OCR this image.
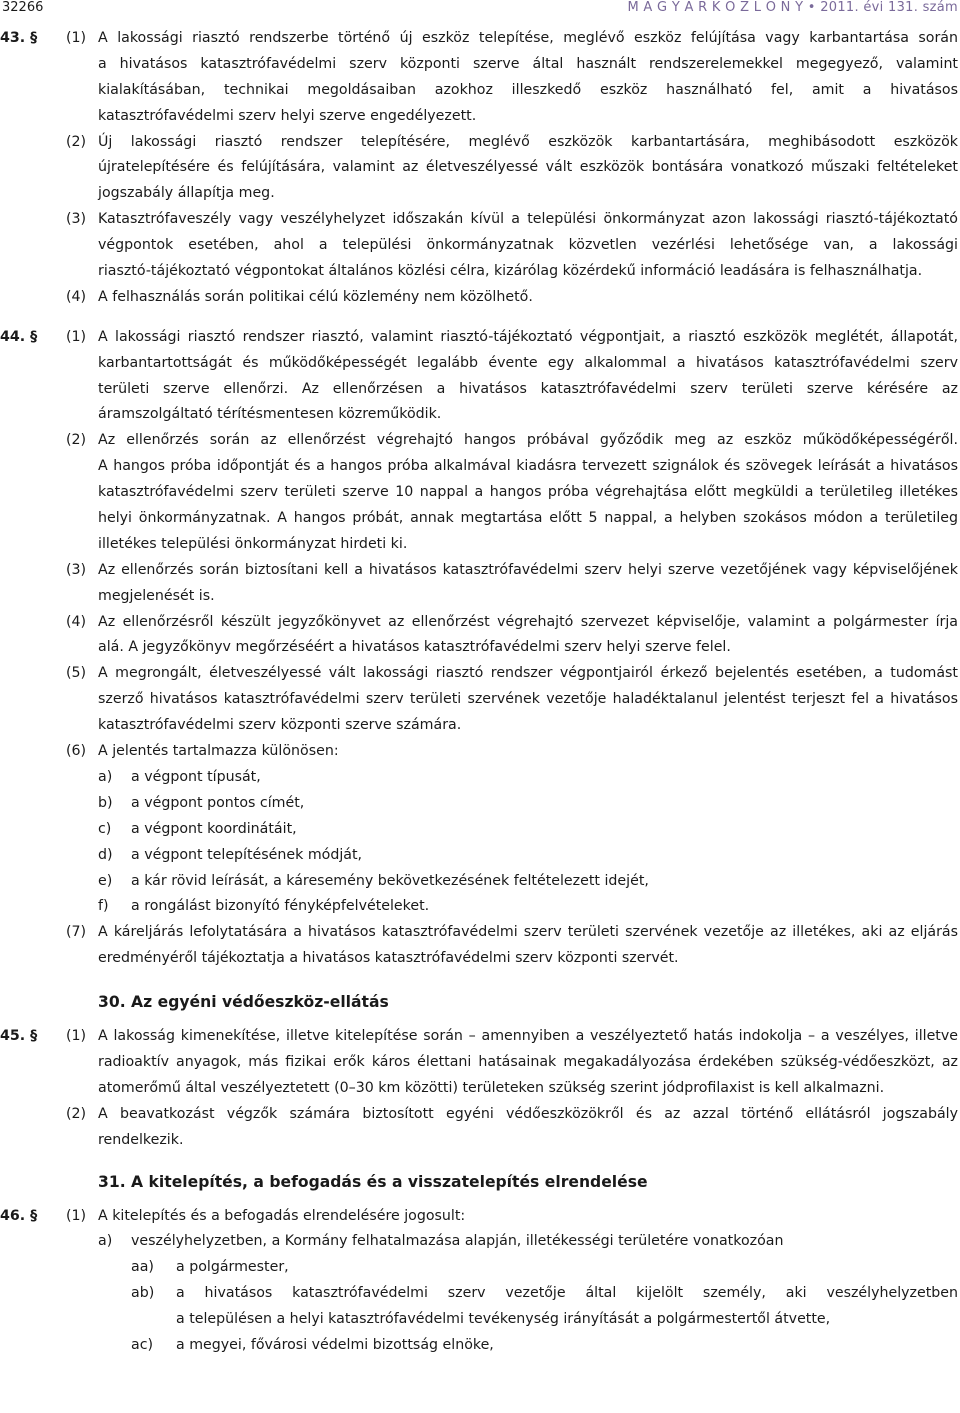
32266	M A G Y A R K Ö Z L Ö N Y • 2011. évi 131. szám
43. § (1) A lakossági riasztó rendszerbe történő új eszköz telepítése, meglévő eszköz felújítása vagy karbantartása során
a hivatásos katasztrófavédelmi szerv központi szerve által használt rendszerelemekkel megegyező, valamint
kialakításában, technikai megoldásaiban azokhoz illeszkedő eszköz használható fel, amit a hivatásos
katasztrófavédelmi szerv helyi szerve engedélyezett.
(2) Új lakossági riasztó rendszer telepítésére, meglévő eszközök karbantartására, meghibásodott eszközök
újratelepítésére és felújítására, valamint az életveszélyessé vált eszközök bontására vonatkozó műszaki feltételeket
jogszabály állapítja meg.
(3) Katasztrófaveszély vagy veszélyhelyzet időszakán kívül a települési önkormányzat azon lakossági riasztó-tájékoztató
végpontok esetében, ahol a települési önkormányzatnak közvetlen vezérlési lehetősége van, a lakossági
riasztó-tájékoztató végpontokat általános közlési célra, kizárólag közérdekű információ leadására is felhasználhatja.
(4) A felhasználás során politikai célú közlemény nem közölhető.
44. § (1) A lakossági riasztó rendszer riasztó, valamint riasztó-tájékoztató végpontjait, a riasztó eszközök meglétét, állapotát,
karbantartottságát és működőképességét legalább évente egy alkalommal a hivatásos katasztrófavédelmi szerv
területi szerve ellenőrzi. Az ellenőrzésen a hivatásos katasztrófavédelmi szerv területi szerve kérésére az
áramszolgáltató térítésmentesen közreműködik.
(2) Az ellenőrzés során az ellenőrzést végrehajtó hangos próbával győződik meg az eszköz működőképességéről.
A hangos próba időpontját és a hangos próba alkalmával kiadásra tervezett szignálok és szövegek leírását a hivatásos
katasztrófavédelmi szerv területi szerve 10 nappal a hangos próba végrehajtása előtt megküldi a területileg illetékes
helyi önkormányzatnak. A hangos próbát, annak megtartása előtt 5 nappal, a helyben szokásos módon a területileg
illetékes települési önkormányzat hirdeti ki.
(3) Az ellenőrzés során biztosítani kell a hivatásos katasztrófavédelmi szerv helyi szerve vezetőjének vagy képviselőjének
megjelenését is.
(4) Az ellenőrzésről készült jegyzőkönyvet az ellenőrzést végrehajtó szervezet képviselője, valamint a polgármester írja
alá. A jegyzőkönyv megőrzéséért a hivatásos katasztrófavédelmi szerv helyi szerve felel.
(5) A megrongált, életveszélyessé vált lakossági riasztó rendszer végpontjairól érkező bejelentés esetében, a tudomást
szerző hivatásos katasztrófavédelmi szerv területi szervének vezetője haladéktalanul jelentést terjeszt fel a hivatásos
katasztrófavédelmi szerv központi szerve számára.
(6) A jelentés tartalmazza különösen:
a) a végpont típusát,
b) a végpont pontos címét,
c) a végpont koordinátáit,
d) a végpont telepítésének módját,
e) a kár rövid leírását, a káresemény bekövetkezésének feltételezett idejét,
f) a rongálást bizonyító fényképfelvételeket.
(7) A káreljárás lefolytatására a hivatásos katasztrófavédelmi szerv területi szervének vezetője az illetékes, aki az eljárás
eredményéről tájékoztatja a hivatásos katasztrófavédelmi szerv központi szervét.
30. Az egyéni védőeszköz-ellátás
45. § (1) A lakosság kimenekítése, illetve kitelepítése során – amennyiben a veszélyeztető hatás indokolja – a veszélyes, illetve
radioaktív anyagok, más fizikai erők káros élettani hatásainak megakadályozása érdekében szükség-védőeszközt, az
atomerőmű által veszélyeztetett (0–30 km közötti) területeken szükség szerint jódprofilaxist is kell alkalmazni.
(2) A beavatkozást végzők számára biztosított egyéni védőeszközökről és az azzal történő ellátásról jogszabály
rendelkezik.
31. A kitelepítés, a befogadás és a visszatelepítés elrendelése
46. § (1) A kitelepítés és a befogadás elrendelésére jogosult:
a) veszélyhelyzetben, a Kormány felhatalmazása alapján, illetékességi területére vonatkozóan
aa) a polgármester,
ab) a hivatásos katasztrófavédelmi szerv vezetője által kijelölt személy, aki veszélyhelyzetben
a településen a helyi katasztrófavédelmi tevékenység irányítását a polgármestertől átvette,
ac) a megyei, fővárosi védelmi bizottság elnöke,
